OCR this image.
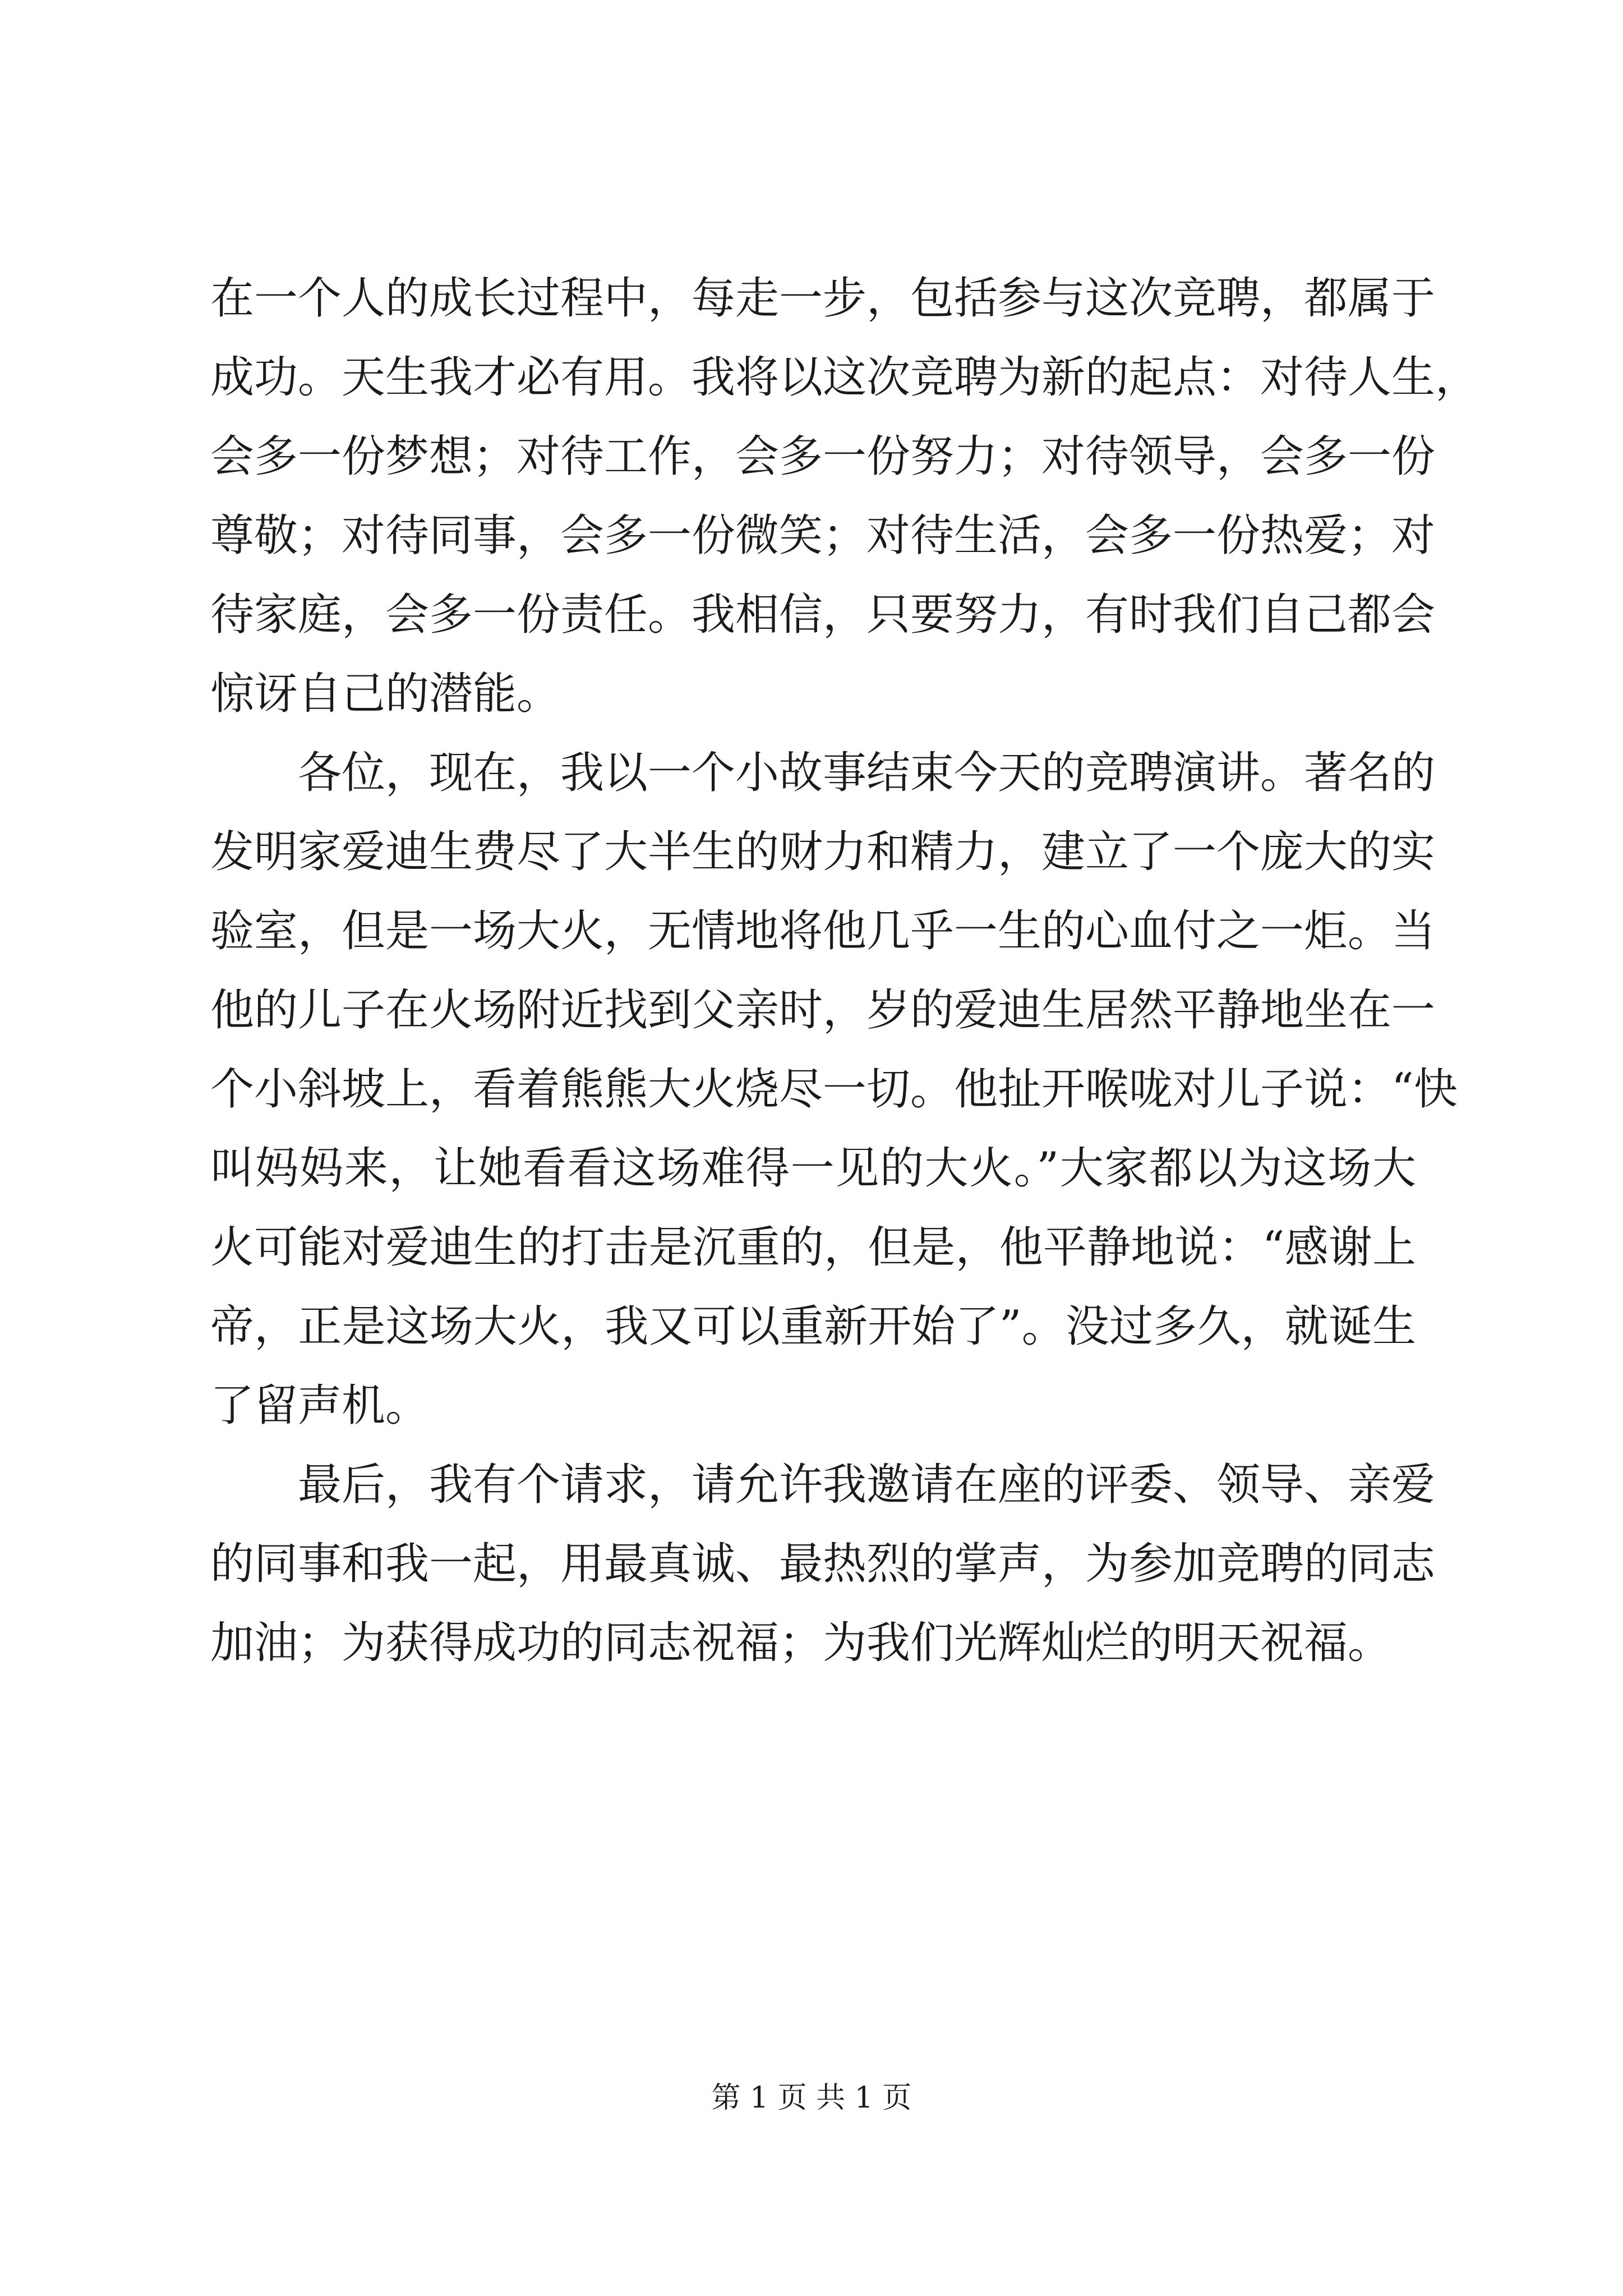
在一个人的成长过程中，每走一步，包括参与这次竞聘，都属于
成功。天生我才必有用。我将以这次竞聘为新的起点：对待人生，
会多一份梦想；对待工作，会多一份努力；对待领导，会多一份
尊敬；对待同事，会多一份微笑；对待生活，会多一份热爱；对
待家庭，会多一份责任。我相信，只要努力，有时我们自己都会
惊讶自己的潜能。
各位，现在，我以一个小故事结束今天的竞聘演讲。著名的
发明家爱迪生费尽了大半生的财力和精力，建立了一个庞大的实
验室，但是一场大火，无情地将他几乎一生的心血付之一炬。当
他的儿子在火场附近找到父亲时，岁的爱迪生居然平静地坐在一
个小斜坡上，看着熊熊大火烧尽一切。他扯开喉咙对儿子说：“快
叫妈妈来，让她看看这场难得一见的大火。”大家都以为这场大
火可能对爱迪生的打击是沉重的，但是，他平静地说：“感谢上
帝，正是这场大火，我又可以重新开始了”。没过多久，就诞生
了留声机。
最后，我有个请求，请允许我邀请在座的评委、领导、亲爱
的同事和我一起，用最真诚、最热烈的掌声，为参加竞聘的同志
加油；为获得成功的同志祝福；为我们光辉灿烂的明天祝福。
第 1 页 共 1 页
